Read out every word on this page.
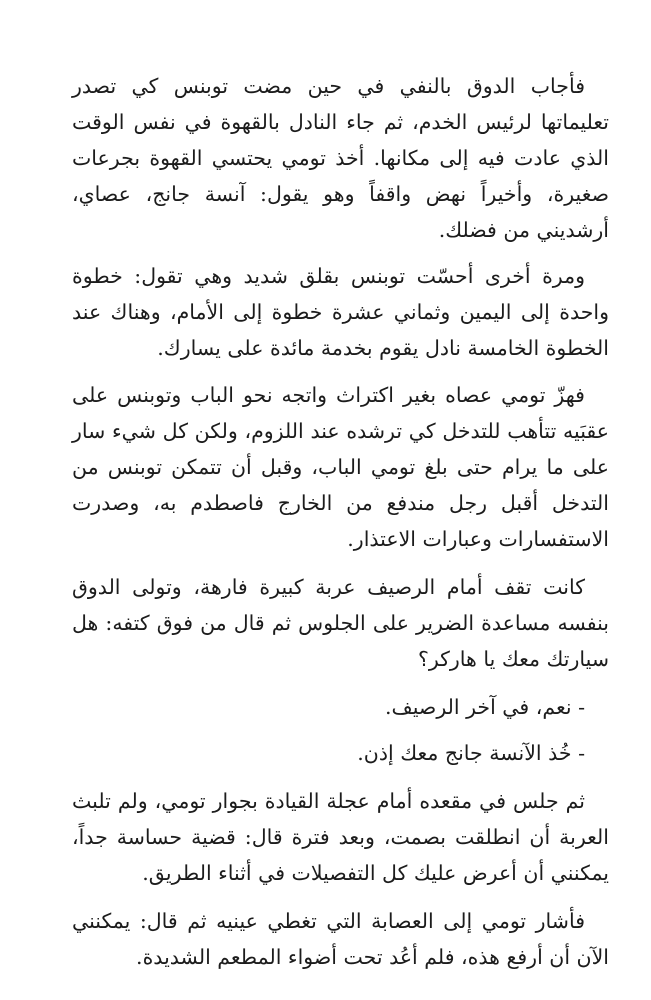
فأجاب الدوق بالنفي في حين مضت توبنس كي تصدر تعليماتها لرئيس الخدم، ثم جاء النادل بالقهوة في نفس الوقت الذي عادت فيه إلى مكانها. أخذ تومي يحتسي القهوة بجرعات صغيرة، وأخيراً نهض واقفاً وهو يقول: آنسة جانج، عصاي، أرشديني من فضلك.

ومرة أخرى أحسّت توبنس بقلق شديد وهي تقول: خطوة واحدة إلى اليمين وثماني عشرة خطوة إلى الأمام، وهناك عند الخطوة الخامسة نادل يقوم بخدمة مائدة على يسارك.

فهزّ تومي عصاه بغير اكتراث واتجه نحو الباب وتوبنس على عقبَيه تتأهب للتدخل كي ترشده عند اللزوم، ولكن كل شيء سار على ما يرام حتى بلغ تومي الباب، وقبل أن تتمكن توبنس من التدخل أقبل رجل مندفع من الخارج فاصطدم به، وصدرت الاستفسارات وعبارات الاعتذار.

كانت تقف أمام الرصيف عربة كبيرة فارهة، وتولى الدوق بنفسه مساعدة الضرير على الجلوس ثم قال من فوق كتفه: هل سيارتك معك يا هاركر؟

- نعم، في آخر الرصيف.

- خُذ الآنسة جانج معك إذن.

ثم جلس في مقعده أمام عجلة القيادة بجوار تومي، ولم تلبث العربة أن انطلقت بصمت، وبعد فترة قال: قضية حساسة جداً، يمكنني أن أعرض عليك كل التفصيلات في أثناء الطريق.

فأشار تومي إلى العصابة التي تغطي عينيه ثم قال: يمكنني الآن أن أرفع هذه، فلم أعُد تحت أضواء المطعم الشديدة.
